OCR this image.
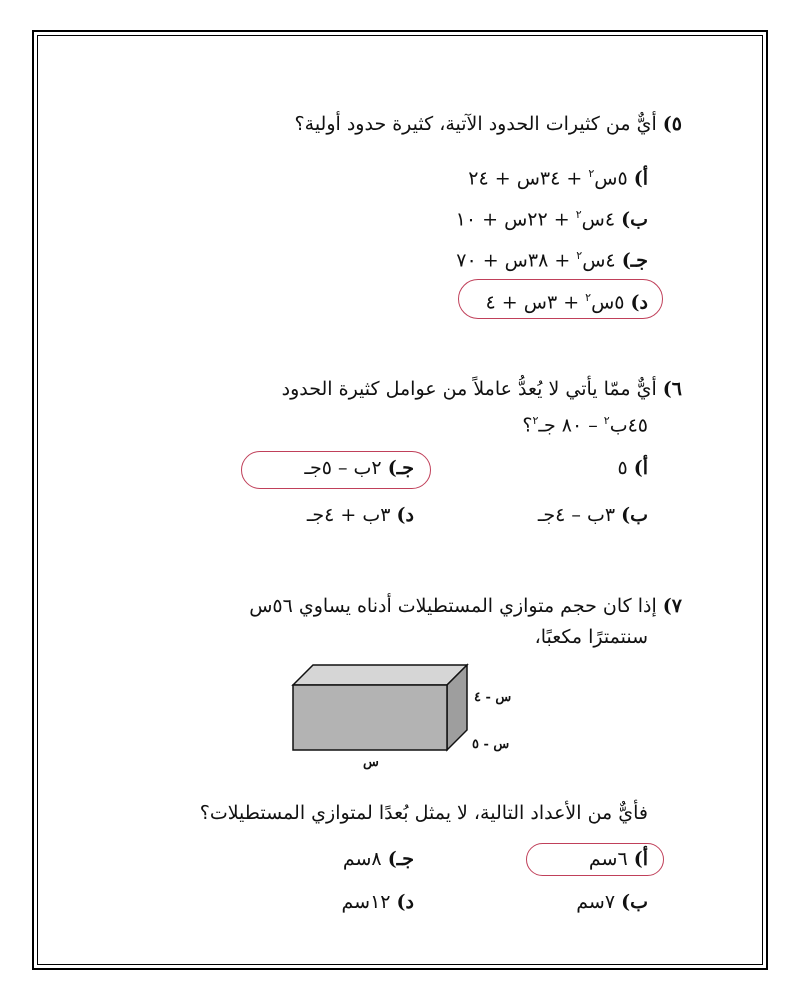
٥) أيٌّ من كثيرات الحدود الآتية، كثيرة حدود أولية؟
أ) ٥س$^٢$ + ٣٤س + ٢٤
ب) ٤س$^٢$ + ٢٢س + ١٠
جـ) ٤س$^٢$ + ٣٨س + ٧٠
د) ٥س$^٢$ + ٣س + ٤
٦) أيٌّ ممّا يأتي لا يُعدُّ عاملاً من عوامل كثيرة الحدود
٤٥ب$^٢$ – ٨٠ جـ$^٢$؟
أ) ٥
جـ) ٢ب – ٥جـ
ب) ٣ب – ٤جـ
د) ٣ب + ٤جـ
٧) إذا كان حجم متوازي المستطيلات أدناه يساوي ٥٦س
سنتمترًا مكعبًا،
س - ٤
س - ٥
س
فأيٌّ من الأعداد التالية، لا يمثل بُعدًا لمتوازي المستطيلات؟
أ) ٦سم
جـ) ٨سم
ب) ٧سم
د) ١٢سم
